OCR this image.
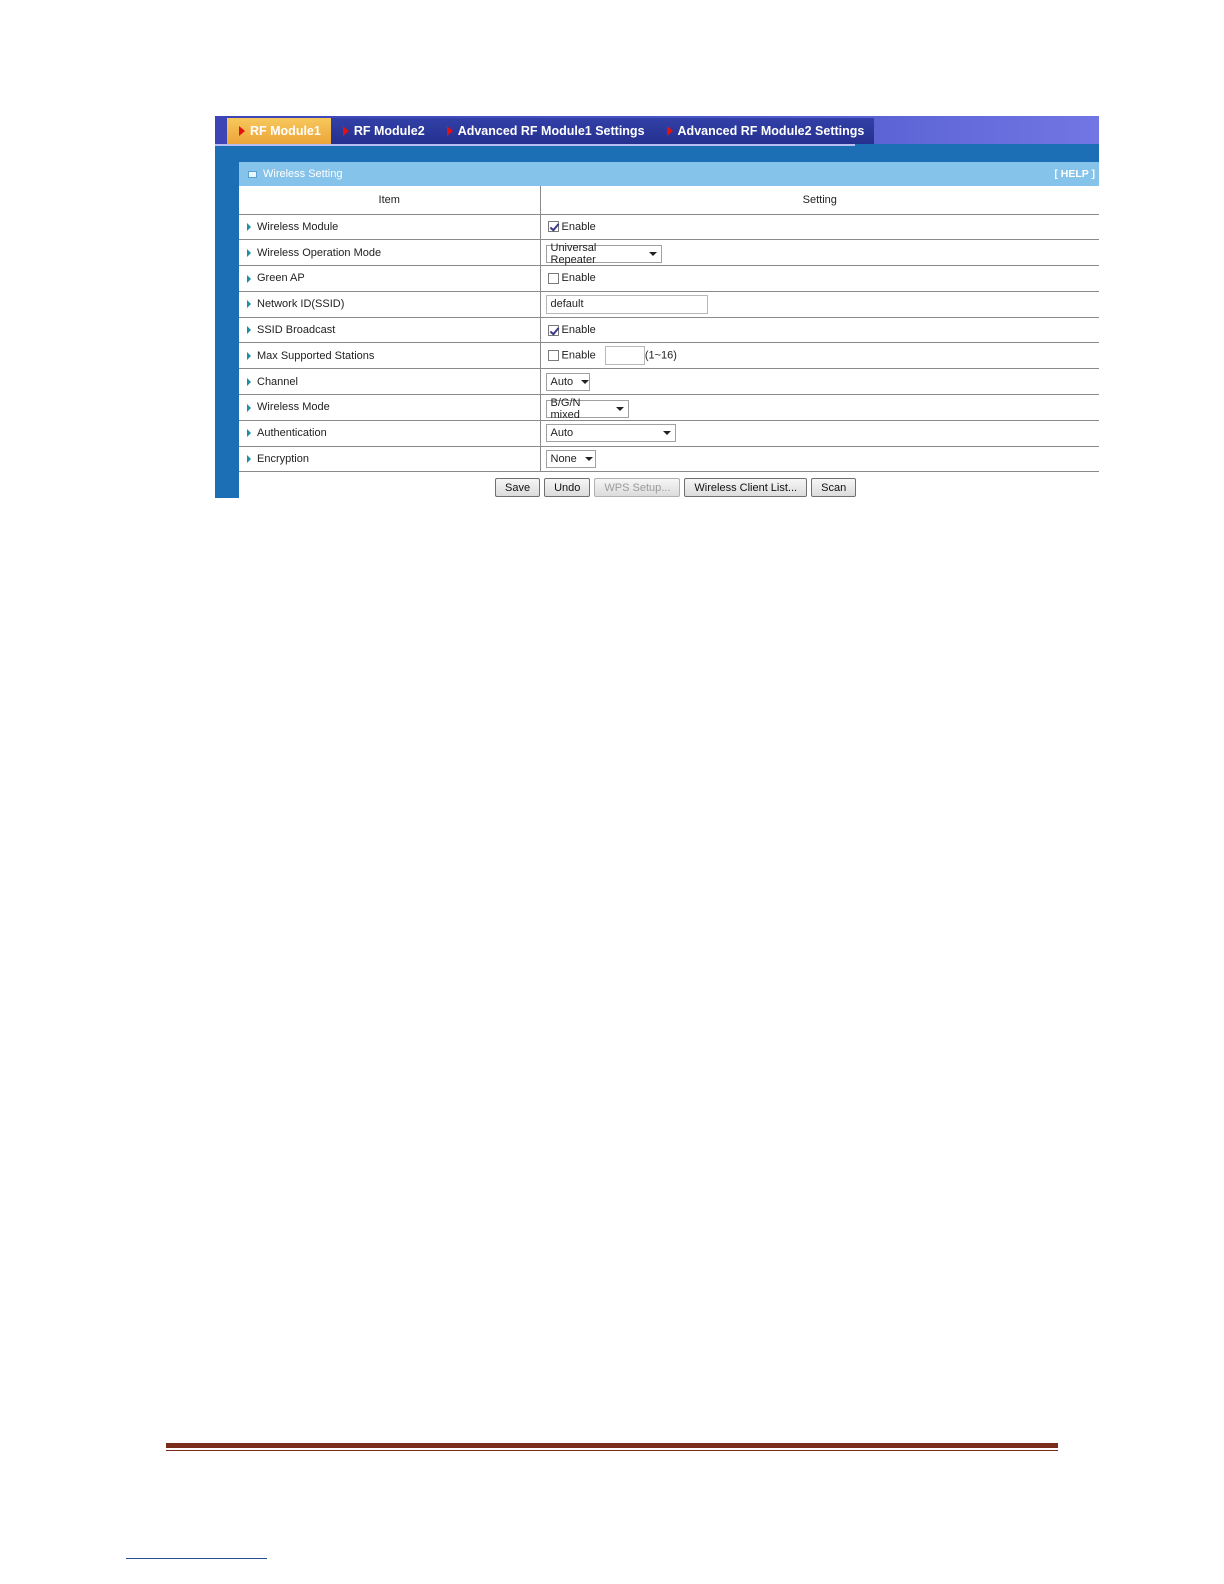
RF Module1	RF Module2	Advanced RF Module1 Settings	Advanced RF Module2 Settings
Wireless Setting	[ HELP ]
Item	Setting
Wireless Module	Enable
Wireless Operation Mode	Universal Repeater

Green AP	Enable
Network ID(SSID)	default
SSID Broadcast	Enable
Max Supported Stations	Enable (1~16)
Channel	Auto

Wireless Mode	B/G/N mixed

Authentication	Auto

Encryption	None
Save	Undo	WPS Setup...	Wireless Client List...	Scan
